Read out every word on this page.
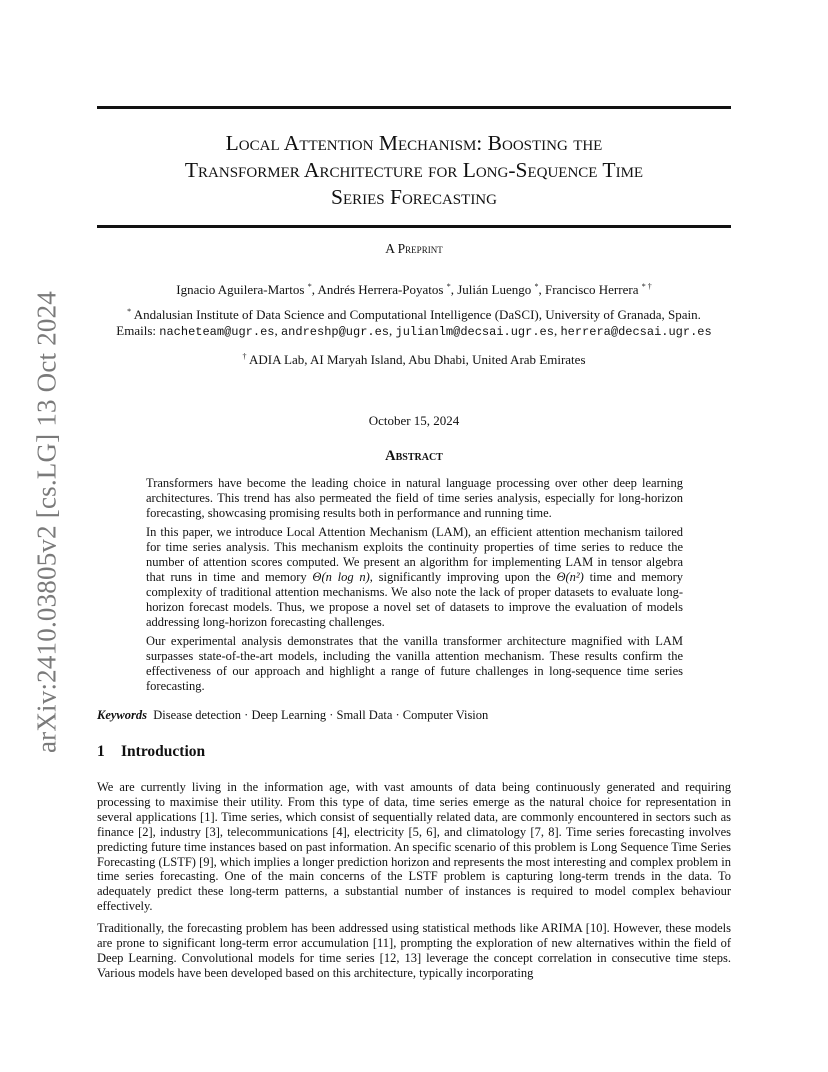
arXiv:2410.03805v2 [cs.LG] 13 Oct 2024
Local Attention Mechanism: Boosting the
Transformer Architecture for Long-Sequence Time
Series Forecasting
A Preprint
Ignacio Aguilera-Martos *, Andrés Herrera-Poyatos *, Julián Luengo *, Francisco Herrera * †
* Andalusian Institute of Data Science and Computational Intelligence (DaSCI), University of Granada, Spain.
Emails: nacheteam@ugr.es, andreshp@ugr.es, julianlm@decsai.ugr.es, herrera@decsai.ugr.es
† ADIA Lab, AI Maryah Island, Abu Dhabi, United Arab Emirates
October 15, 2024
Abstract

Transformers have become the leading choice in natural language processing over other deep learning architectures. This trend has also permeated the field of time series analysis, especially for long-horizon forecasting, showcasing promising results both in performance and running time.

In this paper, we introduce Local Attention Mechanism (LAM), an efficient attention mechanism tailored for time series analysis. This mechanism exploits the continuity properties of time series to reduce the number of attention scores computed. We present an algorithm for implementing LAM in tensor algebra that runs in time and memory Θ(n log n), significantly improving upon the Θ(n²) time and memory complexity of traditional attention mechanisms. We also note the lack of proper datasets to evaluate long-horizon forecast models. Thus, we propose a novel set of datasets to improve the evaluation of models addressing long-horizon forecasting challenges.

Our experimental analysis demonstrates that the vanilla transformer architecture magnified with LAM surpasses state-of-the-art models, including the vanilla attention mechanism. These results confirm the effectiveness of our approach and highlight a range of future challenges in long-sequence time series forecasting.

Keywords Disease detection · Deep Learning · Small Data · Computer Vision
1 Introduction

We are currently living in the information age, with vast amounts of data being continuously generated and requiring processing to maximise their utility. From this type of data, time series emerge as the natural choice for representation in several applications [1]. Time series, which consist of sequentially related data, are commonly encountered in sectors such as finance [2], industry [3], telecommunications [4], electricity [5, 6], and climatology [7, 8]. Time series forecasting involves predicting future time instances based on past information. An specific scenario of this problem is Long Sequence Time Series Forecasting (LSTF) [9], which implies a longer prediction horizon and represents the most interesting and complex problem in time series forecasting. One of the main concerns of the LSTF problem is capturing long-term trends in the data. To adequately predict these long-term patterns, a substantial number of instances is required to model complex behaviour effectively.

Traditionally, the forecasting problem has been addressed using statistical methods like ARIMA [10]. However, these models are prone to significant long-term error accumulation [11], prompting the exploration of new alternatives within the field of Deep Learning. Convolutional models for time series [12, 13] leverage the concept correlation in consecutive time steps. Various models have been developed based on this architecture, typically incorporating
